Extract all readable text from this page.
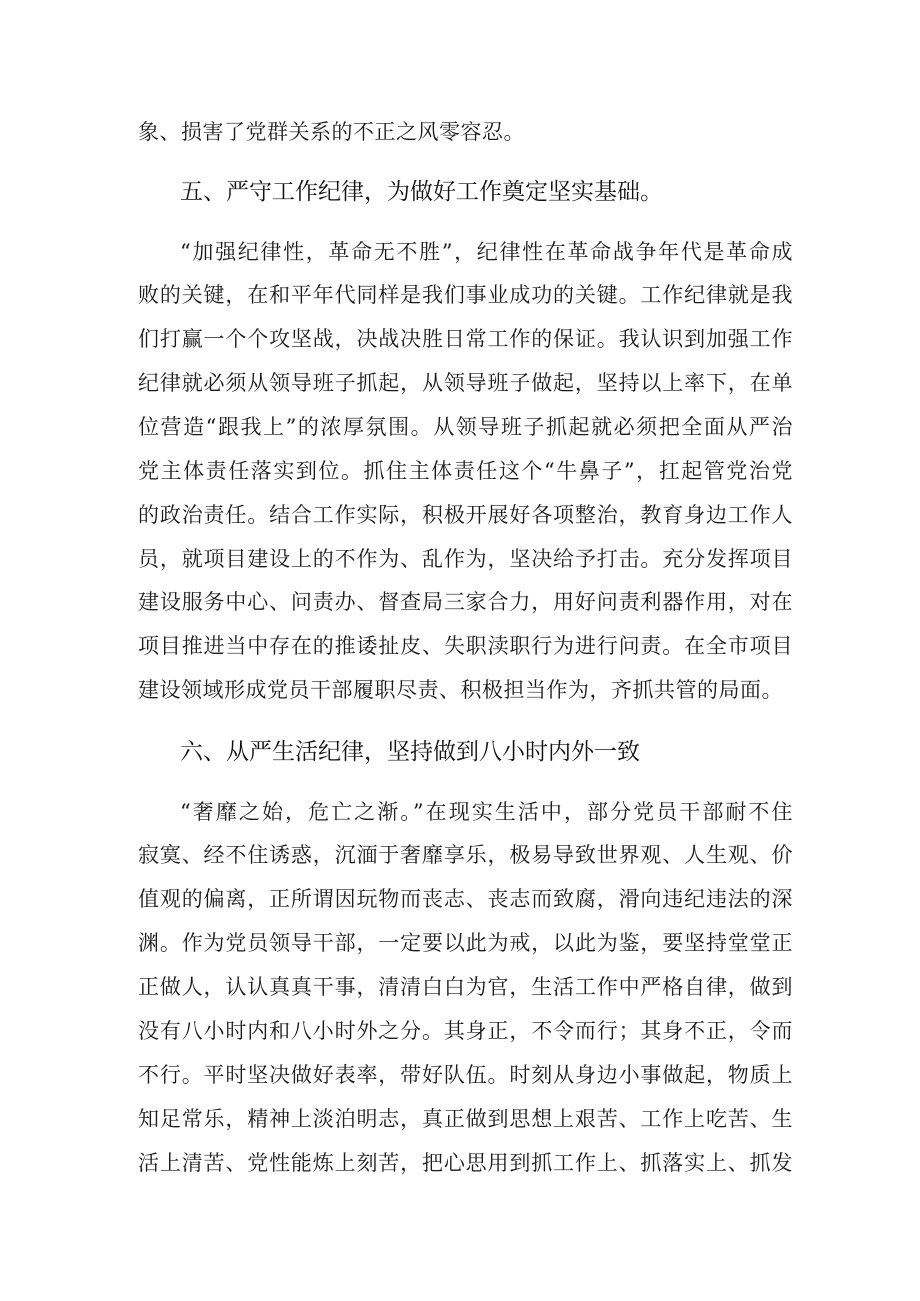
象、损害了党群关系的不正之风零容忍。
五、严守工作纪律，为做好工作奠定坚实基础。
“加强纪律性，革命无不胜”，纪律性在革命战争年代是革命成
败的关键，在和平年代同样是我们事业成功的关键。工作纪律就是我
们打赢一个个攻坚战，决战决胜日常工作的保证。我认识到加强工作
纪律就必须从领导班子抓起，从领导班子做起，坚持以上率下，在单
位营造“跟我上”的浓厚氛围。从领导班子抓起就必须把全面从严治
党主体责任落实到位。抓住主体责任这个“牛鼻子”，扛起管党治党
的政治责任。结合工作实际，积极开展好各项整治，教育身边工作人
员，就项目建设上的不作为、乱作为，坚决给予打击。充分发挥项目
建设服务中心、问责办、督查局三家合力，用好问责利器作用，对在
项目推进当中存在的推诿扯皮、失职渎职行为进行问责。在全市项目
建设领域形成党员干部履职尽责、积极担当作为，齐抓共管的局面。
六、从严生活纪律，坚持做到八小时内外一致
“奢靡之始，危亡之渐。”在现实生活中，部分党员干部耐不住
寂寞、经不住诱惑，沉湎于奢靡享乐，极易导致世界观、人生观、价
值观的偏离，正所谓因玩物而丧志、丧志而致腐，滑向违纪违法的深
渊。作为党员领导干部，一定要以此为戒，以此为鉴，要坚持堂堂正
正做人，认认真真干事，清清白白为官，生活工作中严格自律，做到
没有八小时内和八小时外之分。其身正，不令而行；其身不正，令而
不行。平时坚决做好表率，带好队伍。时刻从身边小事做起，物质上
知足常乐，精神上淡泊明志，真正做到思想上艰苦、工作上吃苦、生
活上清苦、党性能炼上刻苦，把心思用到抓工作上、抓落实上、抓发
